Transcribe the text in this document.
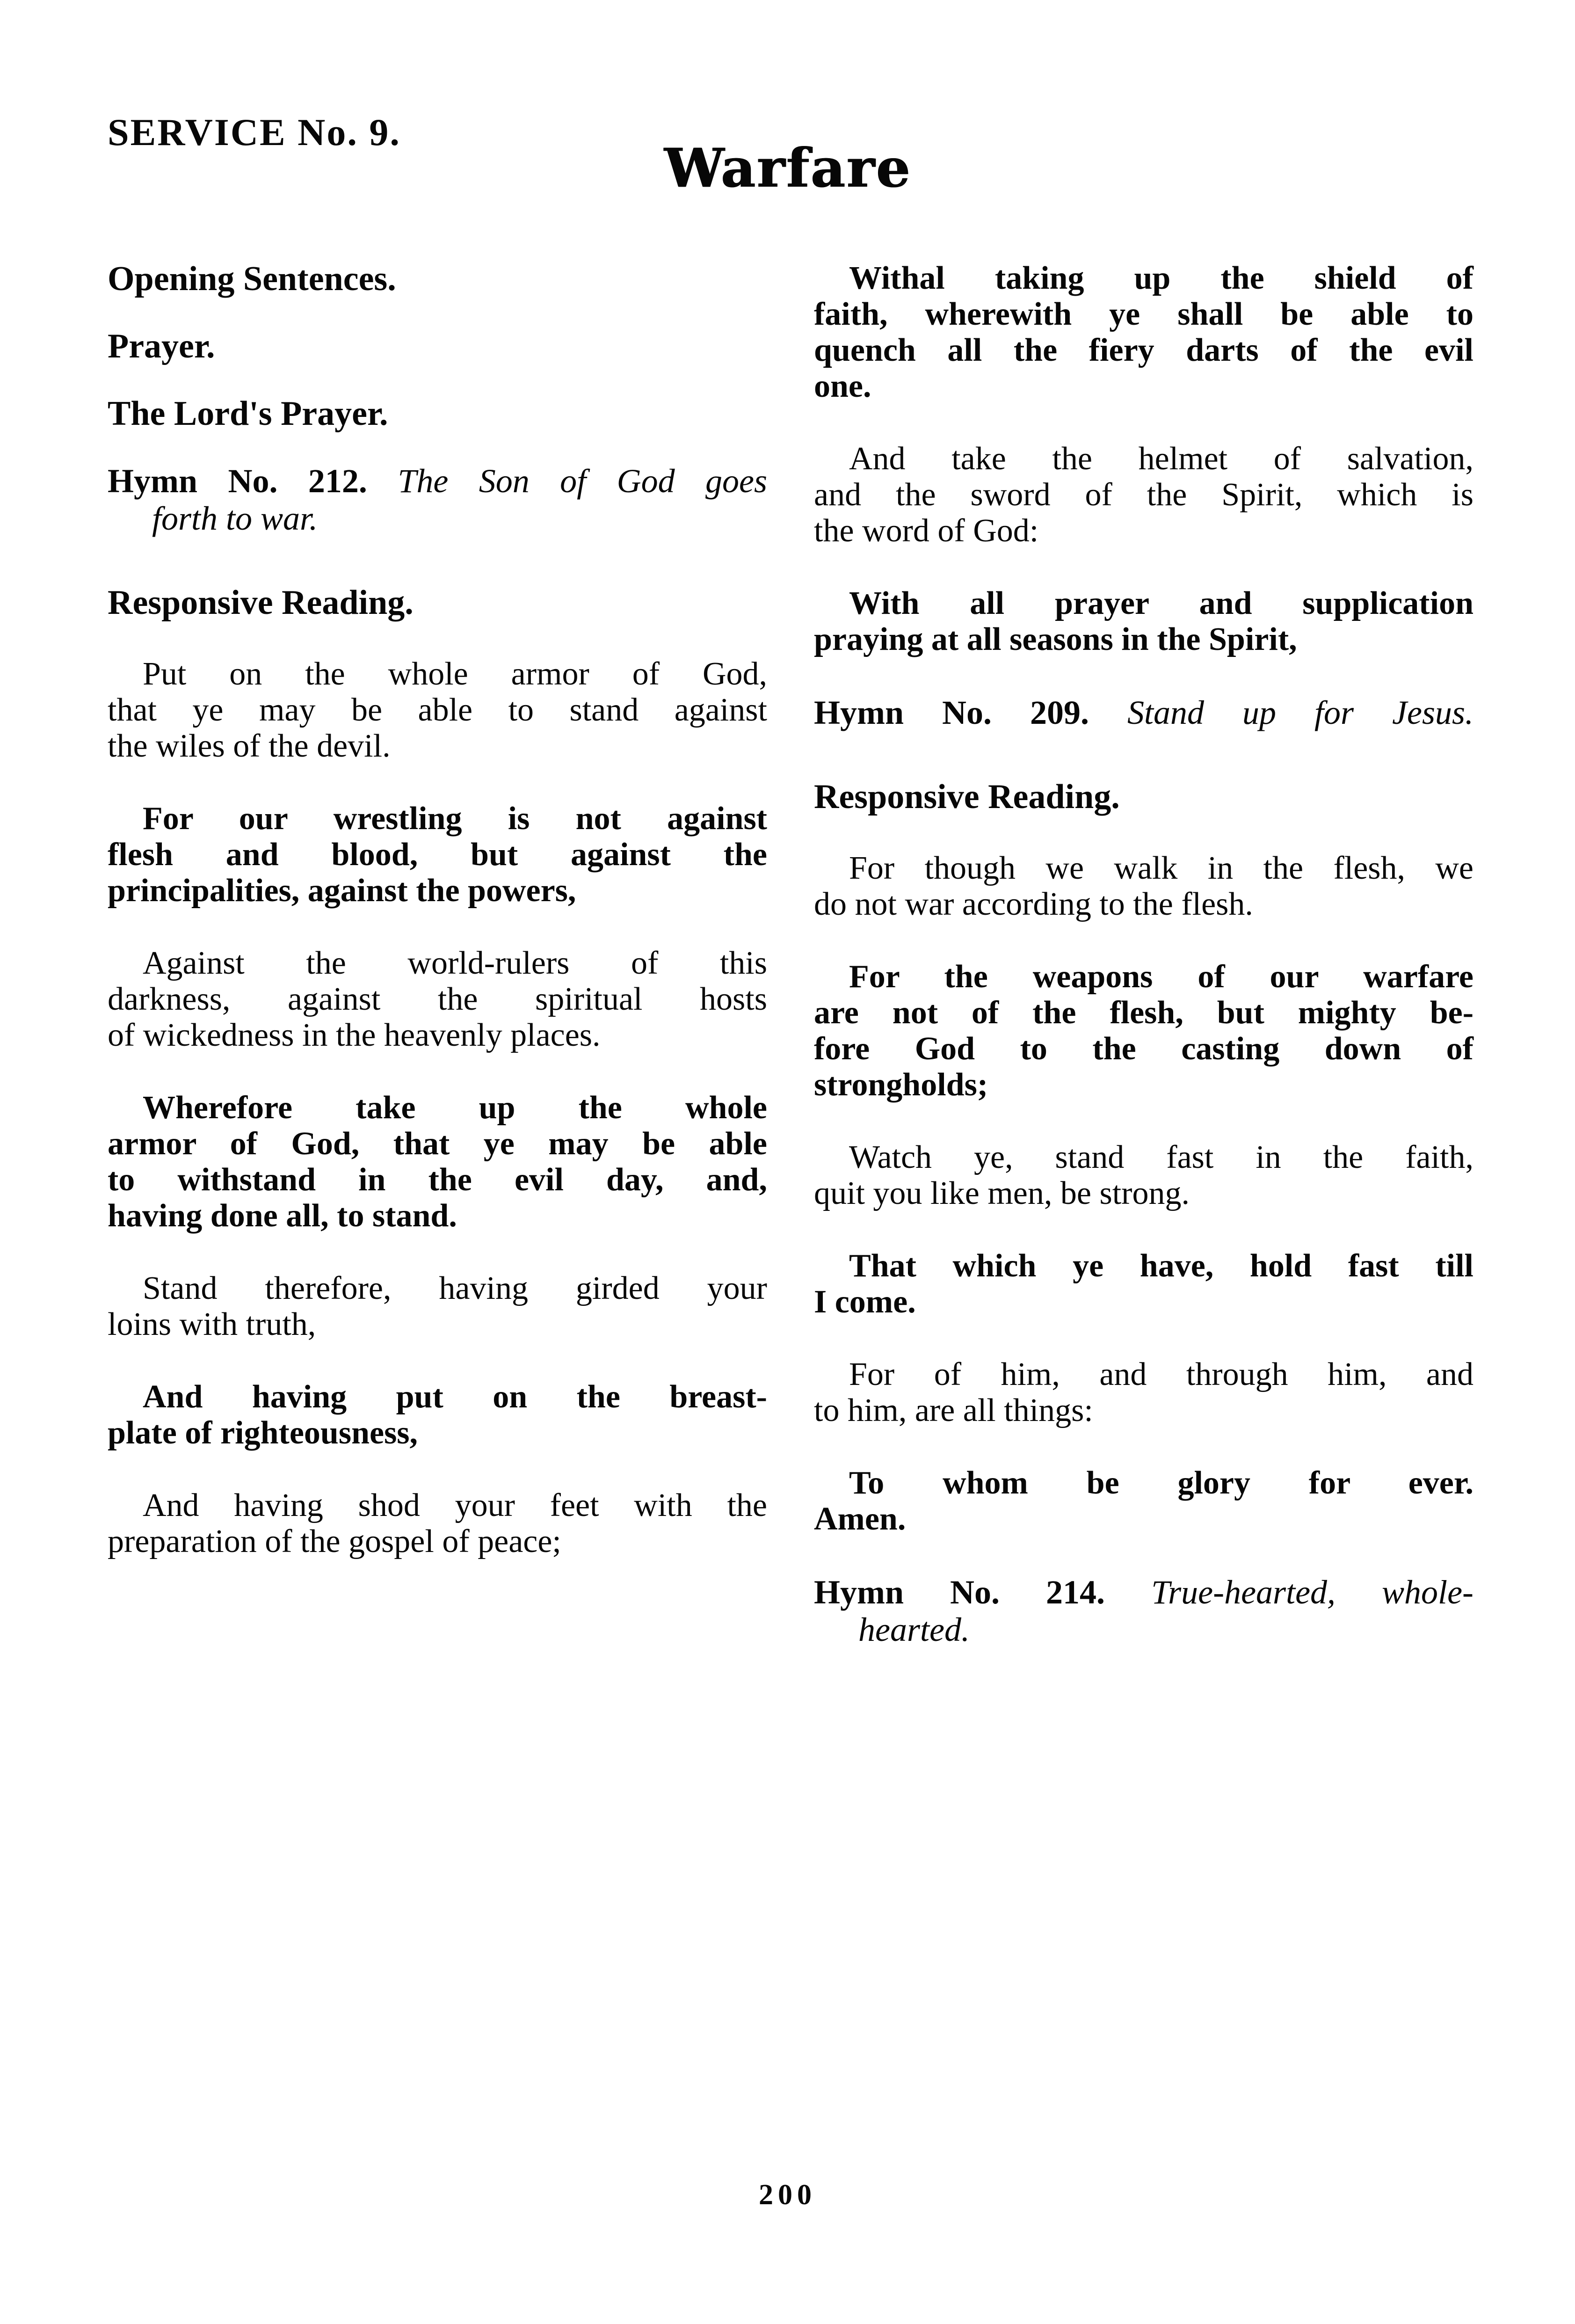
SERVICE No. 9.
Warfare
Opening Sentences.
Prayer.
The Lord's Prayer.
Hymn No. 212. The Son of God goes
forth to war.
Responsive Reading.
Put on the whole armor of God,
that ye may be able to stand against
the wiles of the devil.
For our wrestling is not against
flesh and blood, but against the
principalities, against the powers,
Against the world-rulers of this
darkness, against the spiritual hosts
of wickedness in the heavenly places.
Wherefore take up the whole
armor of God, that ye may be able
to withstand in the evil day, and,
having done all, to stand.
Stand therefore, having girded your
loins with truth,
And having put on the breast-
plate of righteousness,
And having shod your feet with the
preparation of the gospel of peace;
Withal taking up the shield of
faith, wherewith ye shall be able to
quench all the fiery darts of the evil
one.
And take the helmet of salvation,
and the sword of the Spirit, which is
the word of God:
With all prayer and supplication
praying at all seasons in the Spirit,
Hymn No. 209. Stand up for Jesus.
Responsive Reading.
For though we walk in the flesh, we
do not war according to the flesh.
For the weapons of our warfare
are not of the flesh, but mighty be-
fore God to the casting down of
strongholds;
Watch ye, stand fast in the faith,
quit you like men, be strong.
That which ye have, hold fast till
I come.
For of him, and through him, and
to him, are all things:
To whom be glory for ever.
Amen.
Hymn No. 214. True-hearted, whole-
hearted.
200
